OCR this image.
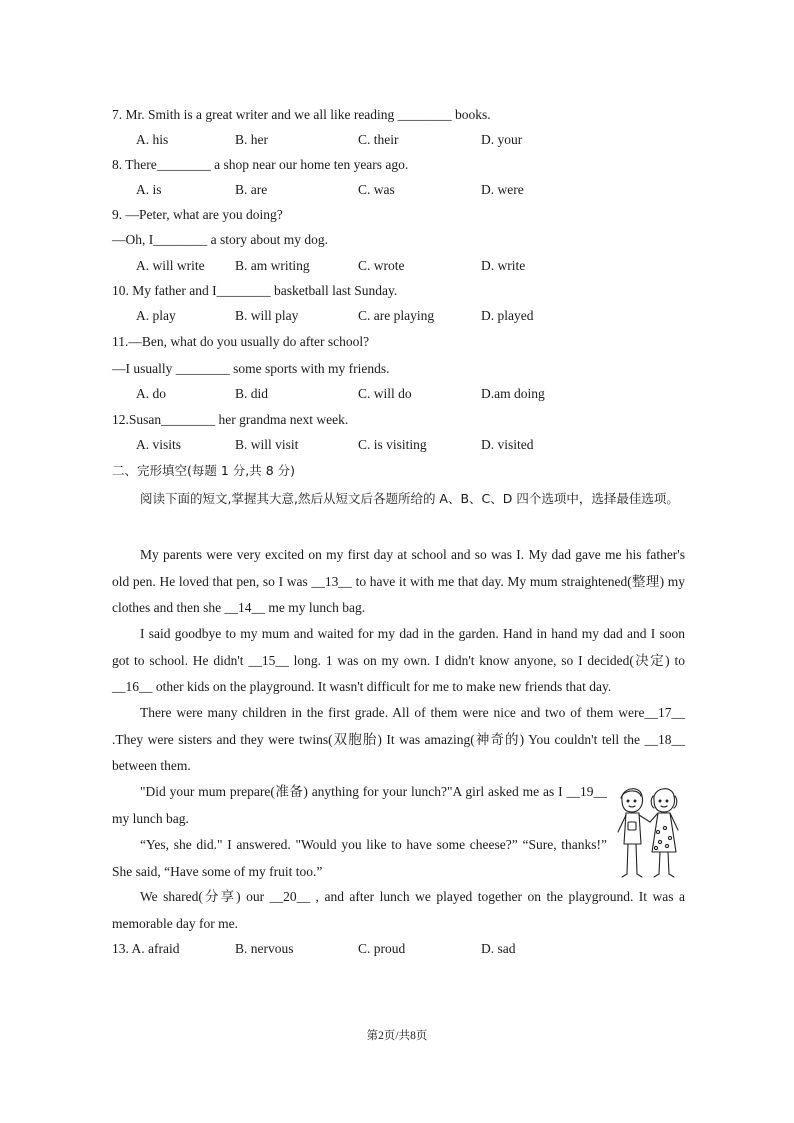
7. Mr. Smith is a great writer and we all like reading ________ books.
A. his	B. her	C. their	D. your
8. There________ a shop near our home ten years ago.
A. is	B. are	C. was	D. were
9. —Peter, what are you doing?
—Oh, I________ a story about my dog.
A. will write B. am writing	C. wrote	D. write
10. My father and I________ basketball last Sunday.
A. play	B. will play	C. are playing	D. played
11.—Ben, what do you usually do after school?
—I usually ________ some sports with my friends.
A. do	B. did	C. will do	D.am doing
12.Susan________ her grandma next week.
A. visits	B. will visit	C. is visiting	D. visited
二、完形填空(每题 1 分,共 8 分)

阅读下面的短文,掌握其大意,然后从短文后各题所给的 A、B、C、D 四个选项中，选择最佳选项。

My parents were very excited on my first day at school and so was I. My dad gave me his father's old pen. He loved that pen, so I was __13__ to have it with me that day. My mum straightened(整理) my clothes and then she __14__ me my lunch bag.

I said goodbye to my mum and waited for my dad in the garden. Hand in hand my dad and I soon got to school. He didn't __15__ long. 1 was on my own. I didn't know anyone, so I decided(决定) to __16__ other kids on the playground. It wasn't difficult for me to make new friends that day.

There were many children in the first grade. All of them were nice and two of them were__17__ .They were sisters and they were twins(双胞胎) It was amazing(神奇的) You couldn't tell the __18__ between them.

"Did your mum prepare(准备) anything for your lunch?"A girl asked me as I __19__ my lunch bag.

“Yes, she did." I answered. "Would you like to have some cheese?” “Sure, thanks!” She said, “Have some of my fruit too.”

We shared(分享) our __20__ , and after lunch we played together on the playground. It was a memorable day for me.

13. A. afraid	B. nervous	C. proud	D. sad
第2页/共8页
